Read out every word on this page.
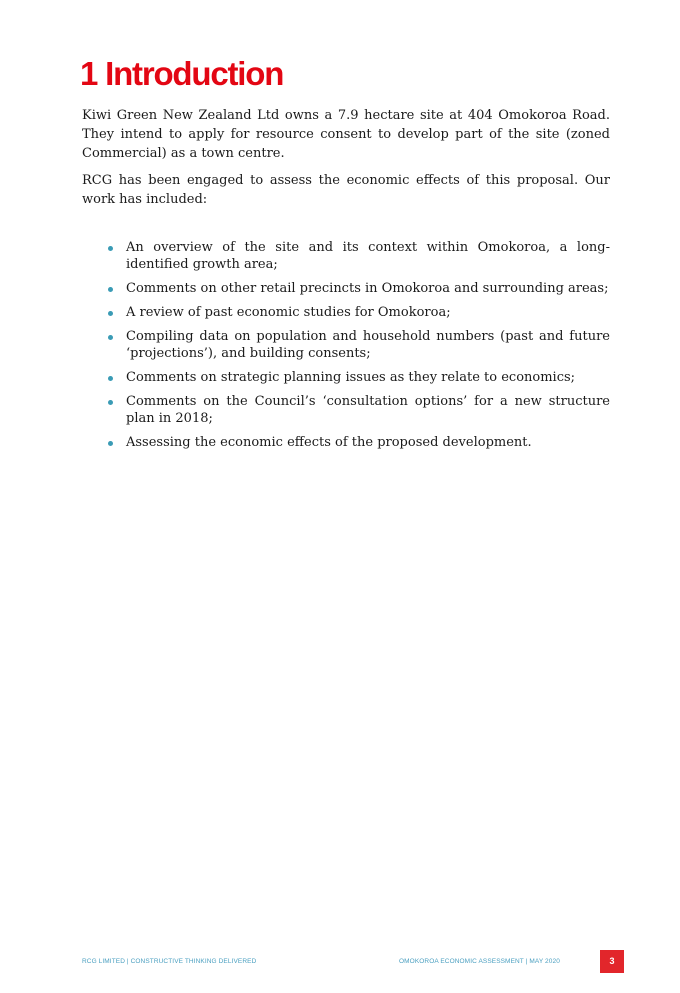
1 Introduction

Kiwi Green New Zealand Ltd owns a 7.9 hectare site at 404 Omokoroa Road. They intend to apply for resource consent to develop part of the site (zoned Commercial) as a town centre.

RCG has been engaged to assess the economic effects of this proposal. Our work has included:

An overview of the site and its context within Omokoroa, a long-identified growth area;
Comments on other retail precincts in Omokoroa and surrounding areas;
A review of past economic studies for Omokoroa;
Compiling data on population and household numbers (past and future ‘projections’), and building consents;
Comments on strategic planning issues as they relate to economics;
Comments on the Council’s ‘consultation options’ for a new structure plan in 2018;
Assessing the economic effects of the proposed development.
RCG LIMITED | CONSTRUCTIVE THINKING DELIVERED	OMOKOROA ECONOMIC ASSESSMENT | MAY 2020	3
